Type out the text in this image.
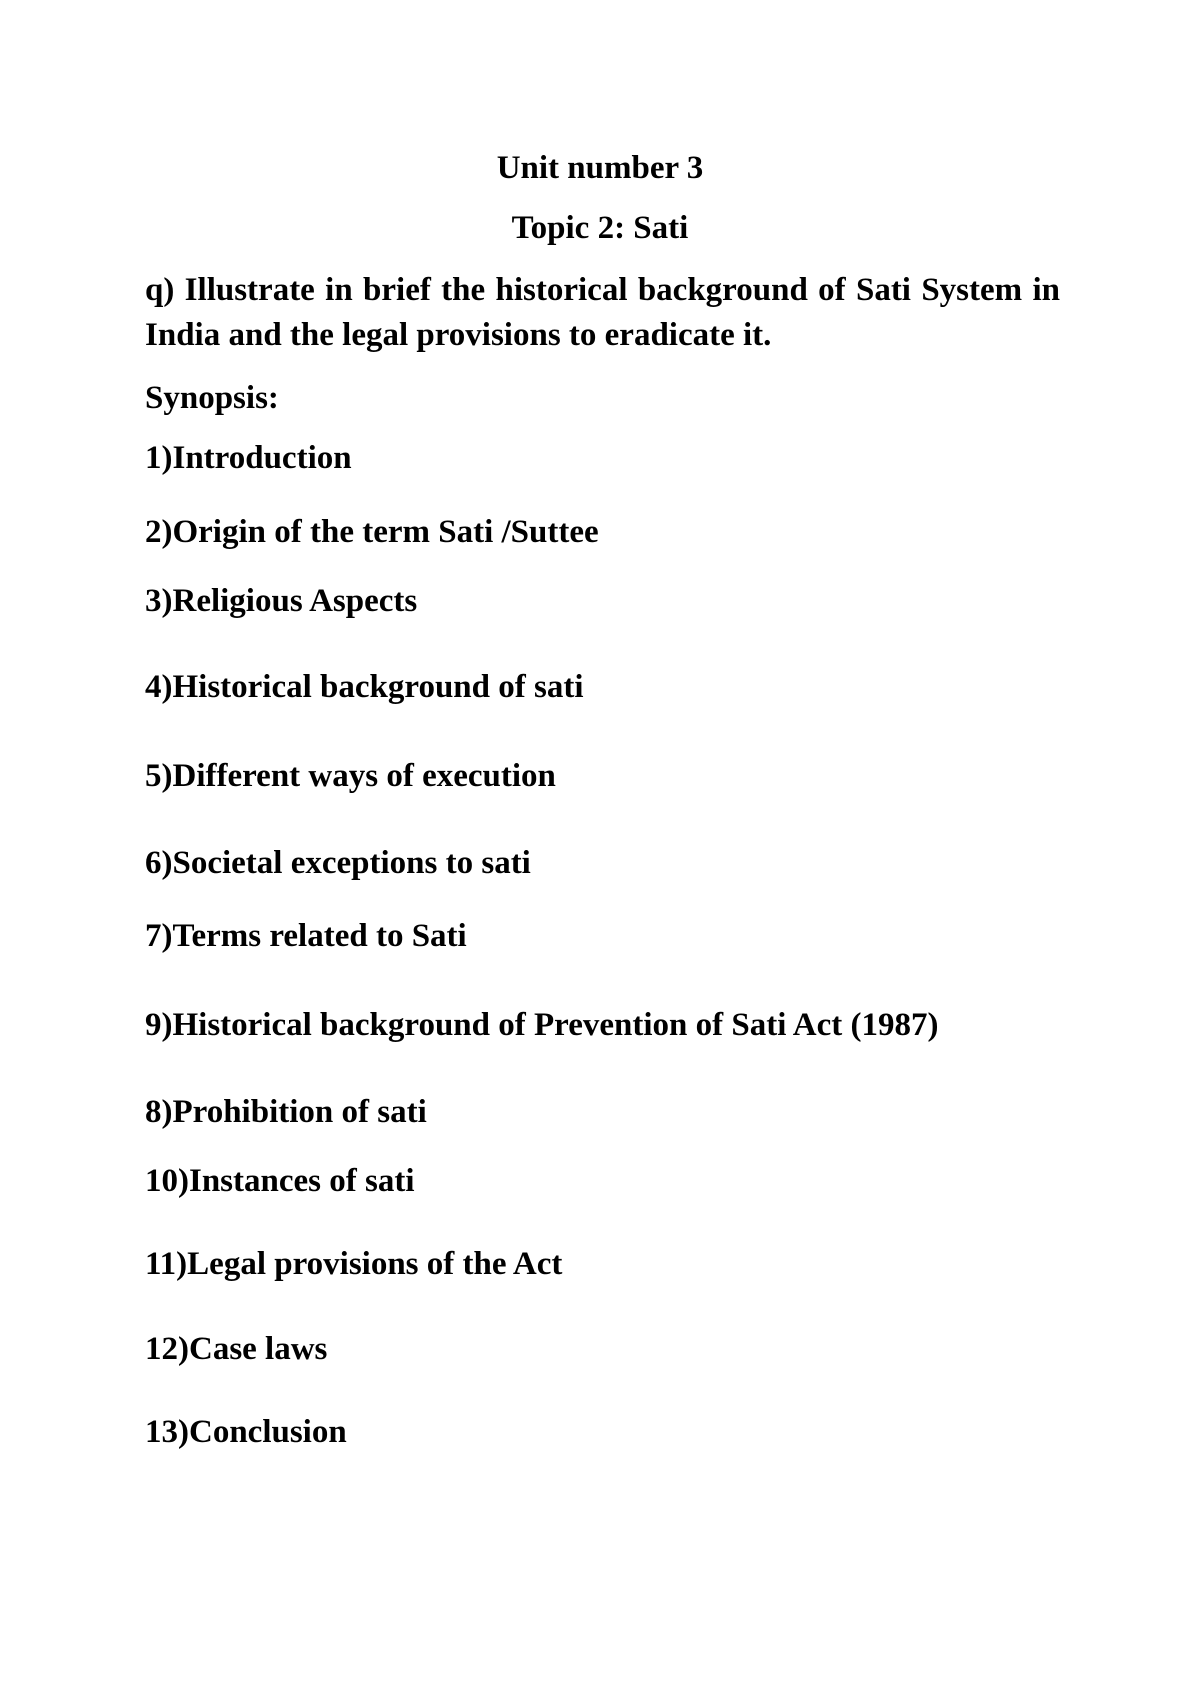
Unit number 3
Topic 2: Sati
q) Illustrate in brief the historical background of Sati System in India and the legal provisions to eradicate it.
Synopsis:
1)Introduction
2)Origin of the term Sati /Suttee
3)Religious Aspects
4)Historical background of sati
5)Different ways of execution
6)Societal exceptions to sati
7)Terms related to Sati
9)Historical background of Prevention of Sati Act (1987)
8)Prohibition of sati
10)Instances of sati
11)Legal provisions of the Act
12)Case laws
13)Conclusion
